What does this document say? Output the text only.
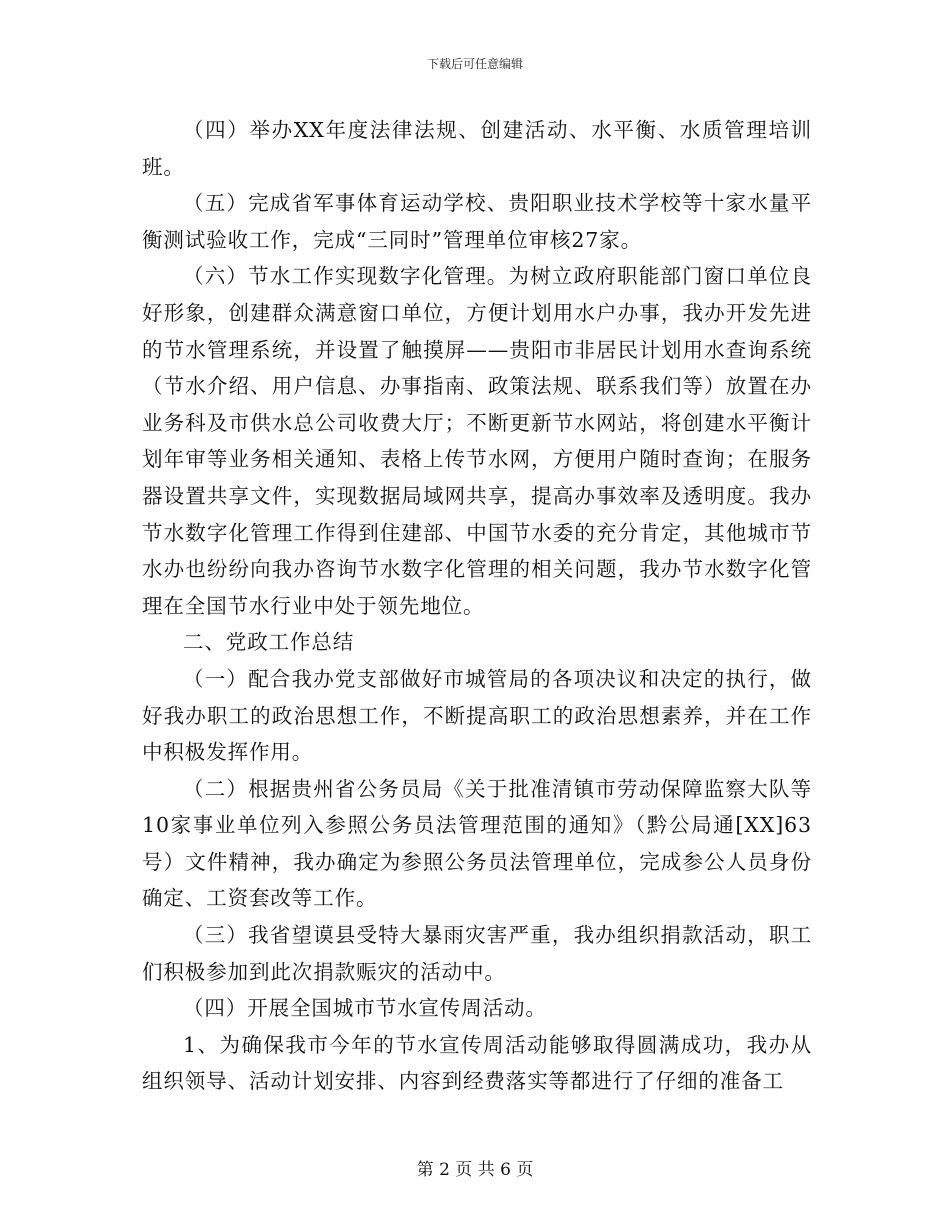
下载后可任意编辑

（四）举办XX年度法律法规、创建活动、水平衡、水质管理培训班。

（五）完成省军事体育运动学校、贵阳职业技术学校等十家水量平衡测试验收工作，完成“三同时”管理单位审核27家。

（六）节水工作实现数字化管理。为树立政府职能部门窗口单位良好形象，创建群众满意窗口单位，方便计划用水户办事，我办开发先进的节水管理系统，并设置了触摸屏——贵阳市非居民计划用水查询系统（节水介绍、用户信息、办事指南、政策法规、联系我们等）放置在办业务科及市供水总公司收费大厅；不断更新节水网站，将创建水平衡计划年审等业务相关通知、表格上传节水网，方便用户随时查询；在服务器设置共享文件，实现数据局域网共享，提高办事效率及透明度。我办节水数字化管理工作得到住建部、中国节水委的充分肯定，其他城市节水办也纷纷向我办咨询节水数字化管理的相关问题，我办节水数字化管理在全国节水行业中处于领先地位。

二、党政工作总结

（一）配合我办党支部做好市城管局的各项决议和决定的执行，做好我办职工的政治思想工作，不断提高职工的政治思想素养，并在工作中积极发挥作用。

（二）根据贵州省公务员局《关于批准清镇市劳动保障监察大队等10家事业单位列入参照公务员法管理范围的通知》（黔公局通[XX]63号）文件精神，我办确定为参照公务员法管理单位，完成参公人员身份确定、工资套改等工作。

（三）我省望谟县受特大暴雨灾害严重，我办组织捐款活动，职工们积极参加到此次捐款赈灾的活动中。

（四）开展全国城市节水宣传周活动。

1、为确保我市今年的节水宣传周活动能够取得圆满成功，我办从组织领导、活动计划安排、内容到经费落实等都进行了仔细的准备工

第 2 页 共 6 页
